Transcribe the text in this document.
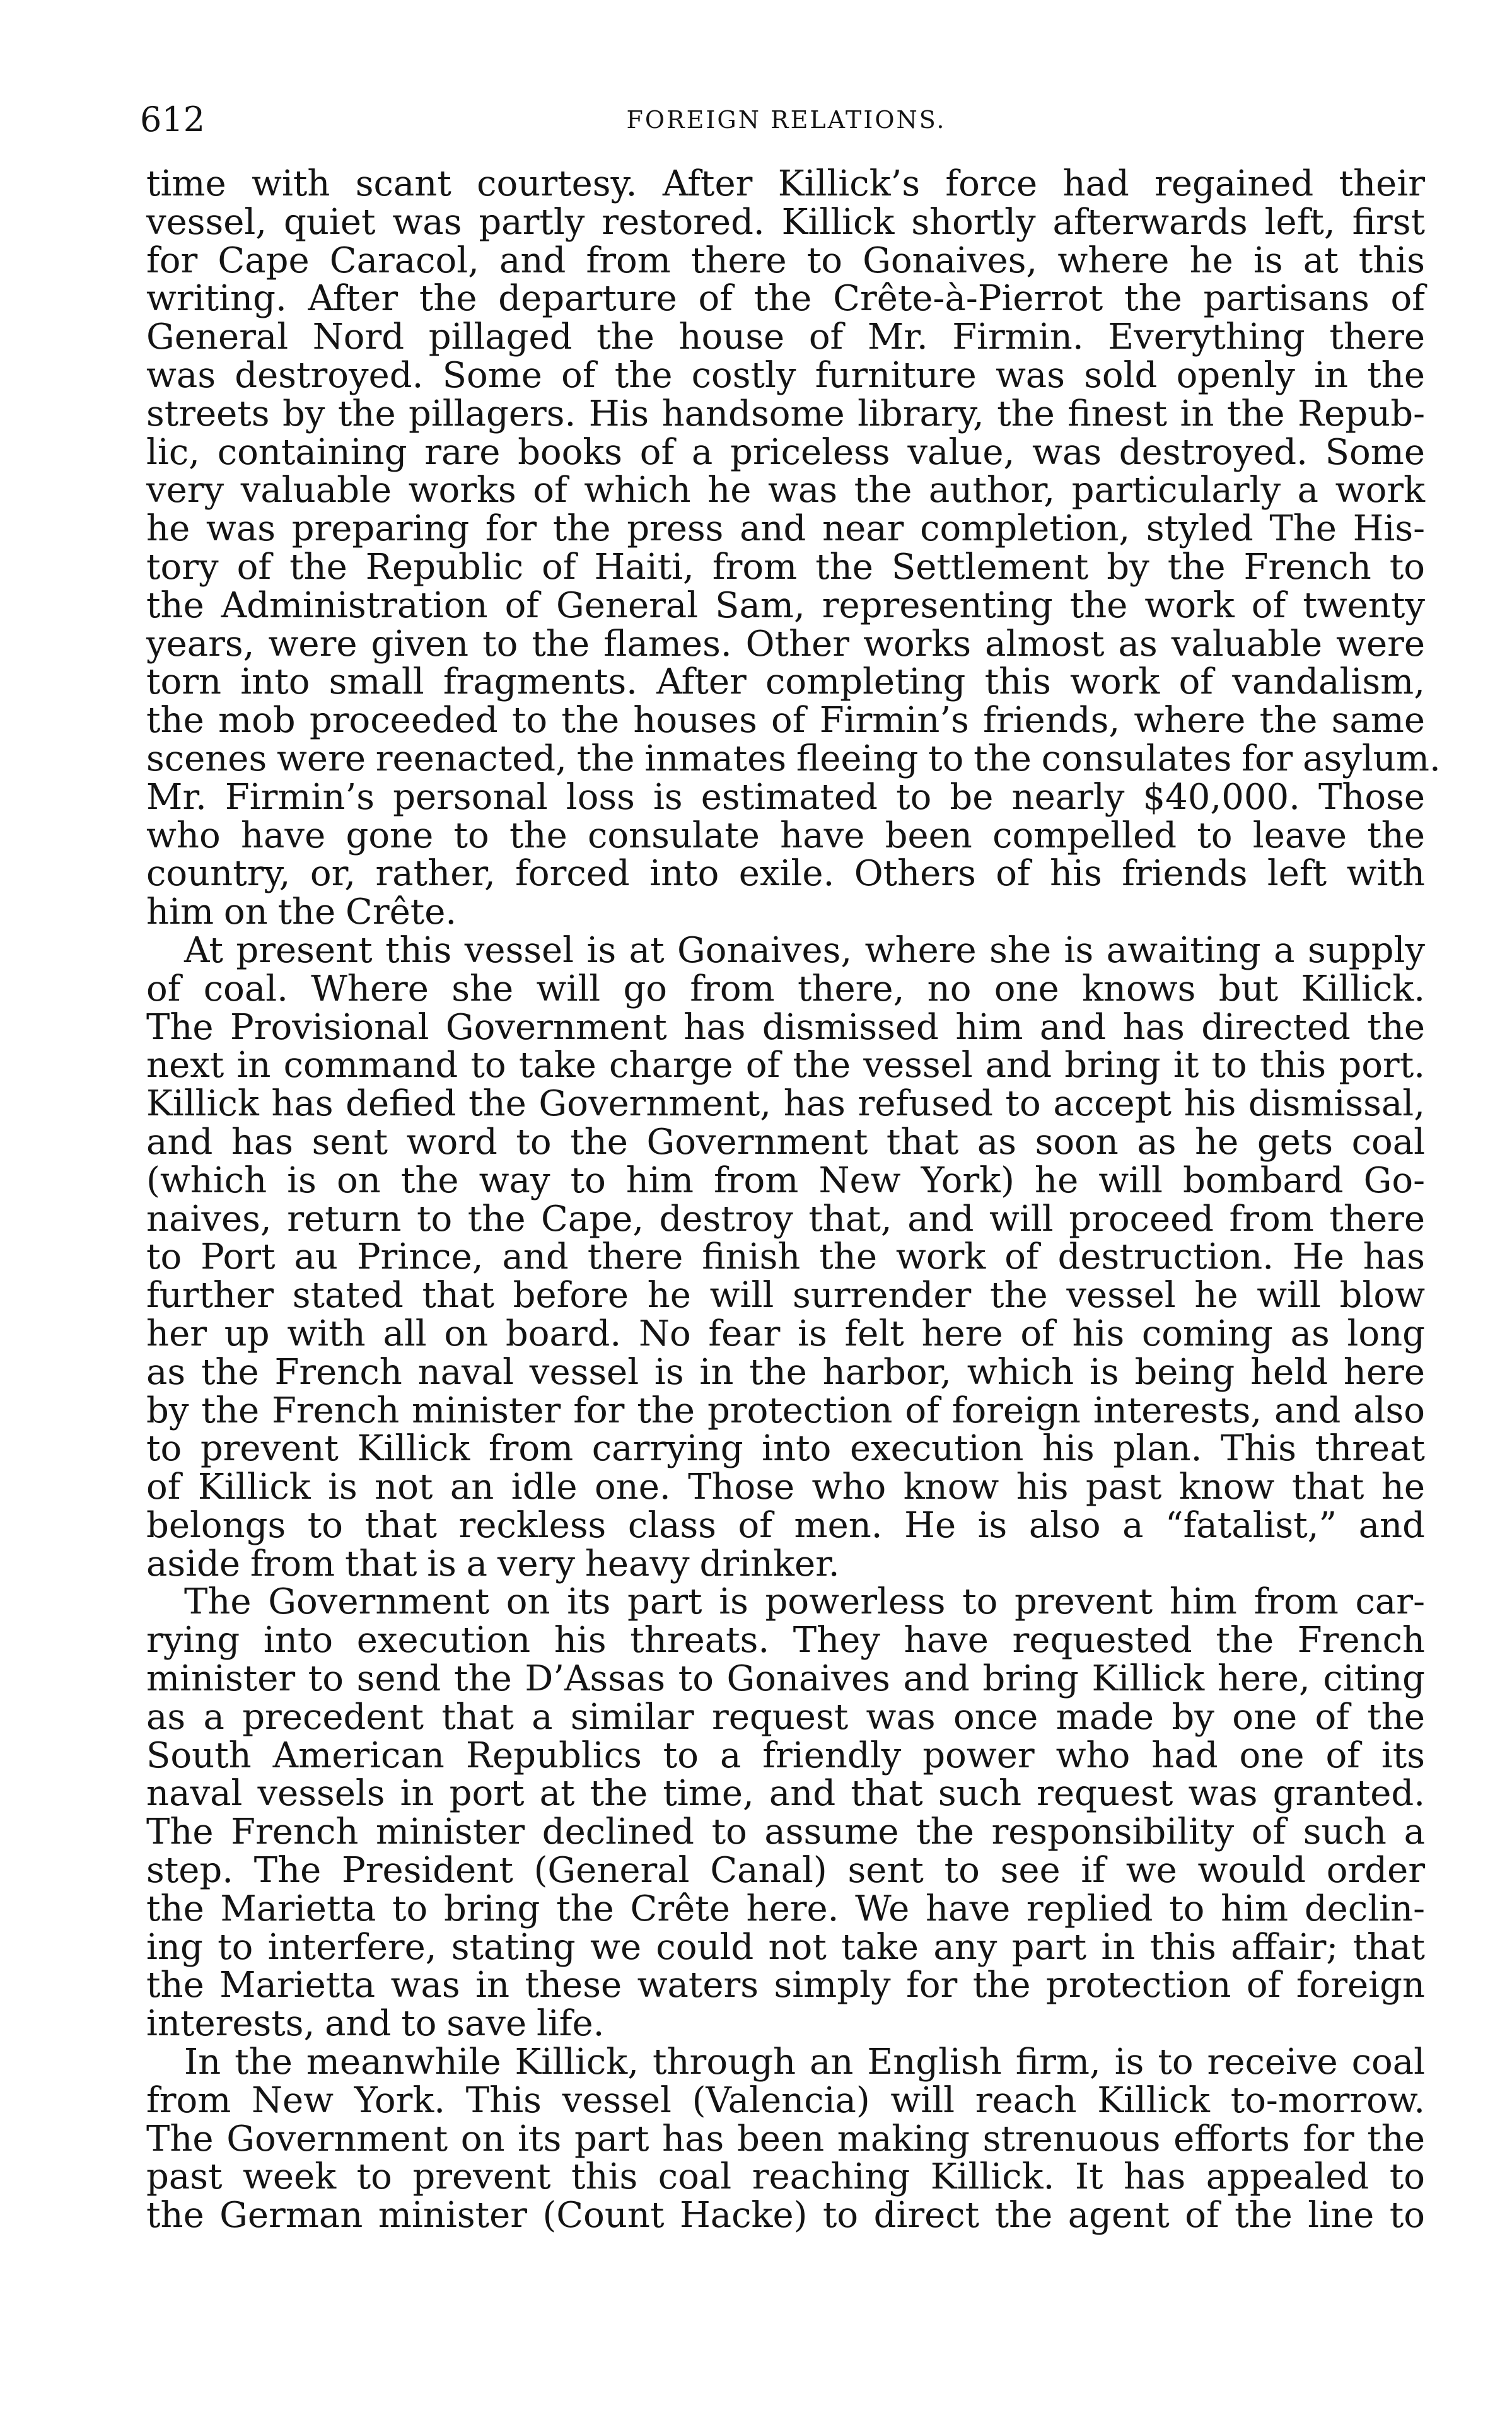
612	FOREIGN RELATIONS.

time with scant courtesy. After Killick’s force had regained their
vessel, quiet was partly restored. Killick shortly afterwards left, first
for Cape Caracol, and from there to Gonaives, where he is at this
writing. After the departure of the Crête-à-Pierrot the partisans of
General Nord pillaged the house of Mr. Firmin. Everything there
was destroyed. Some of the costly furniture was sold openly in the
streets by the pillagers. His handsome library, the finest in the Repub-
lic, containing rare books of a priceless value, was destroyed. Some
very valuable works of which he was the author, particularly a work
he was preparing for the press and near completion, styled The His-
tory of the Republic of Haiti, from the Settlement by the French to
the Administration of General Sam, representing the work of twenty
years, were given to the flames. Other works almost as valuable were
torn into small fragments. After completing this work of vandalism,
the mob proceeded to the houses of Firmin’s friends, where the same
scenes were reenacted, the inmates fleeing to the consulates for asylum.
Mr. Firmin’s personal loss is estimated to be nearly $40,000. Those
who have gone to the consulate have been compelled to leave the
country, or, rather, forced into exile. Others of his friends left with
him on the Crête.

At present this vessel is at Gonaives, where she is awaiting a supply
of coal. Where she will go from there, no one knows but Killick.
The Provisional Government has dismissed him and has directed the
next in command to take charge of the vessel and bring it to this port.
Killick has defied the Government, has refused to accept his dismissal,
and has sent word to the Government that as soon as he gets coal
(which is on the way to him from New York) he will bombard Go-
naives, return to the Cape, destroy that, and will proceed from there
to Port au Prince, and there finish the work of destruction. He has
further stated that before he will surrender the vessel he will blow
her up with all on board. No fear is felt here of his coming as long
as the French naval vessel is in the harbor, which is being held here
by the French minister for the protection of foreign interests, and also
to prevent Killick from carrying into execution his plan. This threat
of Killick is not an idle one. Those who know his past know that he
belongs to that reckless class of men. He is also a “fatalist,” and
aside from that is a very heavy drinker.

The Government on its part is powerless to prevent him from car-
rying into execution his threats. They have requested the French
minister to send the D’Assas to Gonaives and bring Killick here, citing
as a precedent that a similar request was once made by one of the
South American Republics to a friendly power who had one of its
naval vessels in port at the time, and that such request was granted.
The French minister declined to assume the responsibility of such a
step. The President (General Canal) sent to see if we would order
the Marietta to bring the Crête here. We have replied to him declin-
ing to interfere, stating we could not take any part in this affair; that
the Marietta was in these waters simply for the protection of foreign
interests, and to save life.

In the meanwhile Killick, through an English firm, is to receive coal
from New York. This vessel (Valencia) will reach Killick to-morrow.
The Government on its part has been making strenuous efforts for the
past week to prevent this coal reaching Killick. It has appealed to
the German minister (Count Hacke) to direct the agent of the line to
